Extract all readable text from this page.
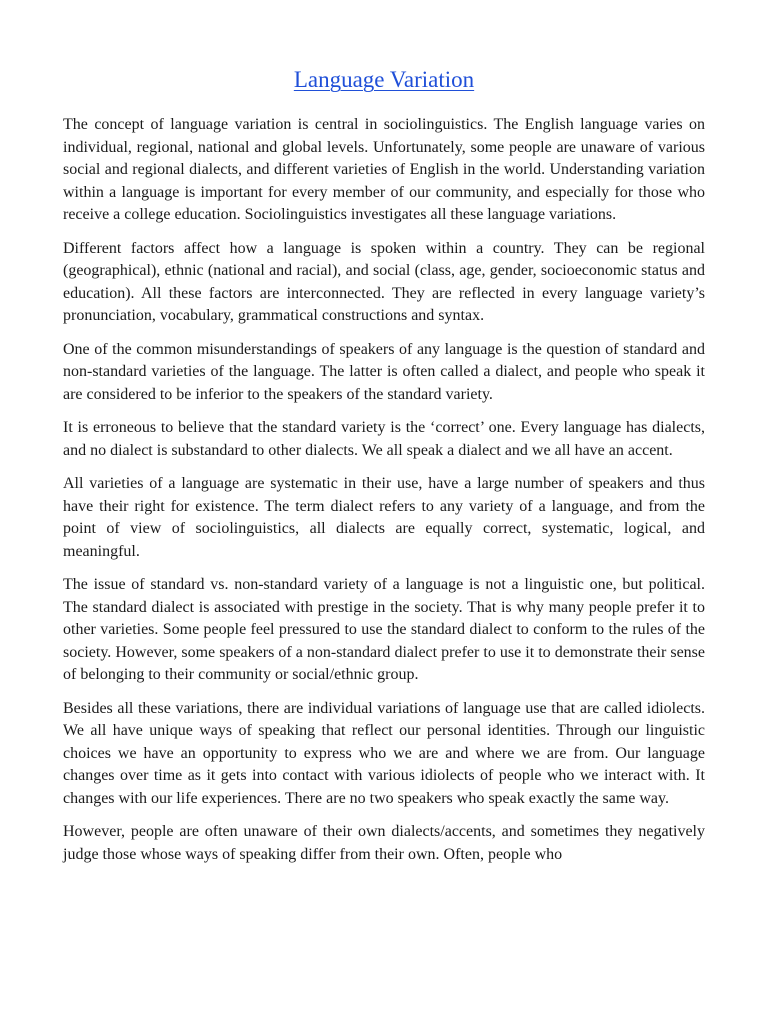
Language Variation

The concept of language variation is central in sociolinguistics. The English language varies on individual, regional, national and global levels. Unfortunately, some people are unaware of various social and regional dialects, and different varieties of English in the world. Understanding variation within a language is important for every member of our community, and especially for those who receive a college education. Sociolinguistics investigates all these language variations.

Different factors affect how a language is spoken within a country. They can be regional (geographical), ethnic (national and racial), and social (class, age, gender, socioeconomic status and education). All these factors are interconnected. They are reflected in every language variety’s pronunciation, vocabulary, grammatical constructions and syntax.

One of the common misunderstandings of speakers of any language is the question of standard and non-standard varieties of the language. The latter is often called a dialect, and people who speak it are considered to be inferior to the speakers of the standard variety.

It is erroneous to believe that the standard variety is the ‘correct’ one. Every language has dialects, and no dialect is substandard to other dialects. We all speak a dialect and we all have an accent.

All varieties of a language are systematic in their use, have a large number of speakers and thus have their right for existence. The term dialect refers to any variety of a language, and from the point of view of sociolinguistics, all dialects are equally correct, systematic, logical, and meaningful.

The issue of standard vs. non-standard variety of a language is not a linguistic one, but political. The standard dialect is associated with prestige in the society. That is why many people prefer it to other varieties. Some people feel pressured to use the standard dialect to conform to the rules of the society. However, some speakers of a non-standard dialect prefer to use it to demonstrate their sense of belonging to their community or social/ethnic group.

Besides all these variations, there are individual variations of language use that are called idiolects. We all have unique ways of speaking that reflect our personal identities. Through our linguistic choices we have an opportunity to express who we are and where we are from. Our language changes over time as it gets into contact with various idiolects of people who we interact with. It changes with our life experiences. There are no two speakers who speak exactly the same way.

However, people are often unaware of their own dialects/accents, and sometimes they negatively judge those whose ways of speaking differ from their own. Often, people who
